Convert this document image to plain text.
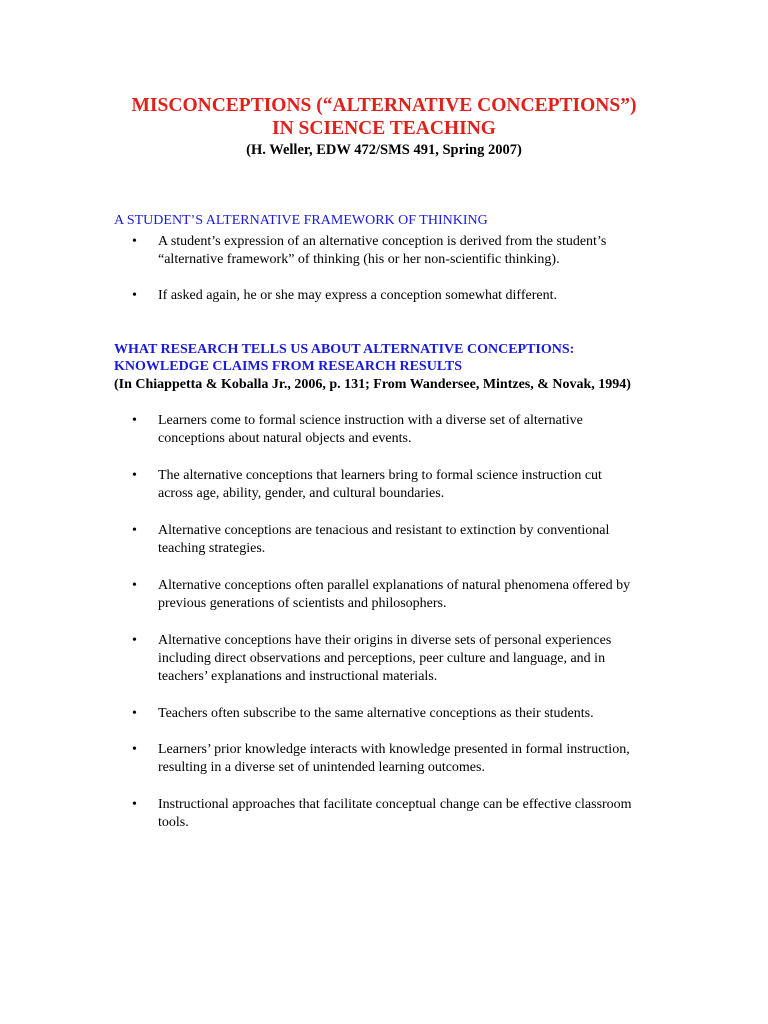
MISCONCEPTIONS (“ALTERNATIVE CONCEPTIONS”)
IN SCIENCE TEACHING
(H. Weller, EDW 472/SMS 491, Spring 2007)
A STUDENT’S ALTERNATIVE FRAMEWORK OF THINKING
•	A student’s expression of an alternative conception is derived from the student’s “alternative framework” of thinking (his or her non-scientific thinking).
•	If asked again, he or she may express a conception somewhat different.
WHAT RESEARCH TELLS US ABOUT ALTERNATIVE CONCEPTIONS:
KNOWLEDGE CLAIMS FROM RESEARCH RESULTS
(In Chiappetta & Koballa Jr., 2006, p. 131; From Wandersee, Mintzes, & Novak, 1994)
•	Learners come to formal science instruction with a diverse set of alternative conceptions about natural objects and events.
•	The alternative conceptions that learners bring to formal science instruction cut across age, ability, gender, and cultural boundaries.
•	Alternative conceptions are tenacious and resistant to extinction by conventional teaching strategies.
•	Alternative conceptions often parallel explanations of natural phenomena offered by previous generations of scientists and philosophers.
•	Alternative conceptions have their origins in diverse sets of personal experiences including direct observations and perceptions, peer culture and language, and in teachers’ explanations and instructional materials.
•	Teachers often subscribe to the same alternative conceptions as their students.
•	Learners’ prior knowledge interacts with knowledge presented in formal instruction, resulting in a diverse set of unintended learning outcomes.
•	Instructional approaches that facilitate conceptual change can be effective classroom tools.
